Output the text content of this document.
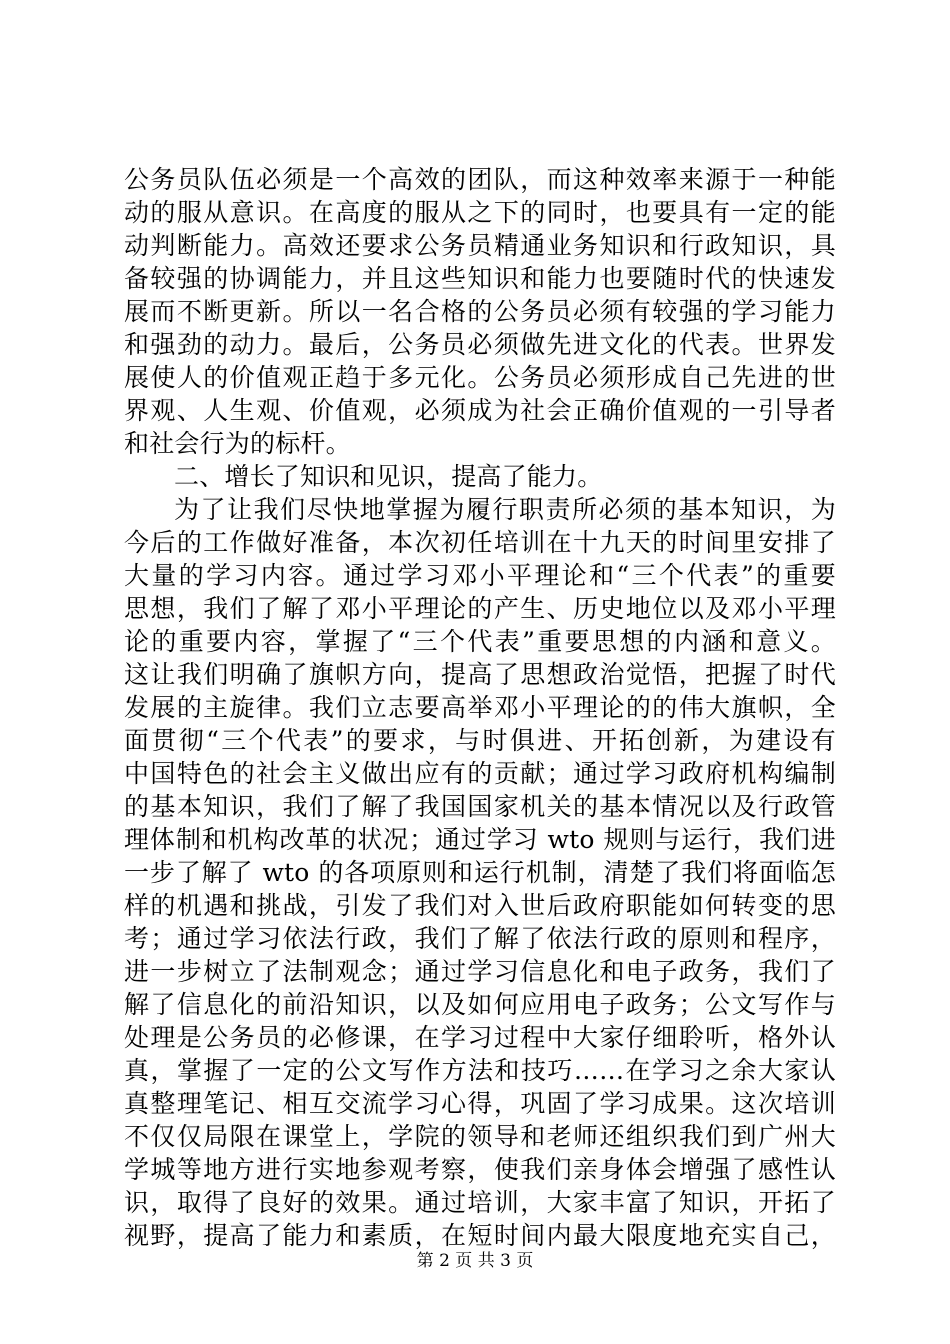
公务员队伍必须是一个高效的团队，而这种效率来源于一种能
动的服从意识。在高度的服从之下的同时，也要具有一定的能
动判断能力。高效还要求公务员精通业务知识和行政知识，具
备较强的协调能力，并且这些知识和能力也要随时代的快速发
展而不断更新。所以一名合格的公务员必须有较强的学习能力
和强劲的动力。最后，公务员必须做先进文化的代表。世界发
展使人的价值观正趋于多元化。公务员必须形成自己先进的世
界观、人生观、价值观，必须成为社会正确价值观的一引导者
和社会行为的标杆。
二、增长了知识和见识，提高了能力。
为了让我们尽快地掌握为履行职责所必须的基本知识，为
今后的工作做好准备，本次初任培训在十九天的时间里安排了
大量的学习内容。通过学习邓小平理论和“三个代表”的重要
思想，我们了解了邓小平理论的产生、历史地位以及邓小平理
论的重要内容，掌握了“三个代表”重要思想的内涵和意义。
这让我们明确了旗帜方向，提高了思想政治觉悟，把握了时代
发展的主旋律。我们立志要高举邓小平理论的的伟大旗帜，全
面贯彻“三个代表”的要求，与时俱进、开拓创新，为建设有
中国特色的社会主义做出应有的贡献；通过学习政府机构编制
的基本知识，我们了解了我国国家机关的基本情况以及行政管
理体制和机构改革的状况；通过学习 wto 规则与运行，我们进
一步了解了 wto 的各项原则和运行机制，清楚了我们将面临怎
样的机遇和挑战，引发了我们对入世后政府职能如何转变的思
考；通过学习依法行政，我们了解了依法行政的原则和程序，
进一步树立了法制观念；通过学习信息化和电子政务，我们了
解了信息化的前沿知识，以及如何应用电子政务；公文写作与
处理是公务员的必修课，在学习过程中大家仔细聆听，格外认
真，掌握了一定的公文写作方法和技巧……在学习之余大家认
真整理笔记、相互交流学习心得，巩固了学习成果。这次培训
不仅仅局限在课堂上，学院的领导和老师还组织我们到广州大
学城等地方进行实地参观考察，使我们亲身体会增强了感性认
识，取得了良好的效果。通过培训，大家丰富了知识，开拓了
视野，提高了能力和素质，在短时间内最大限度地充实自己，
第 2 页 共 3 页
